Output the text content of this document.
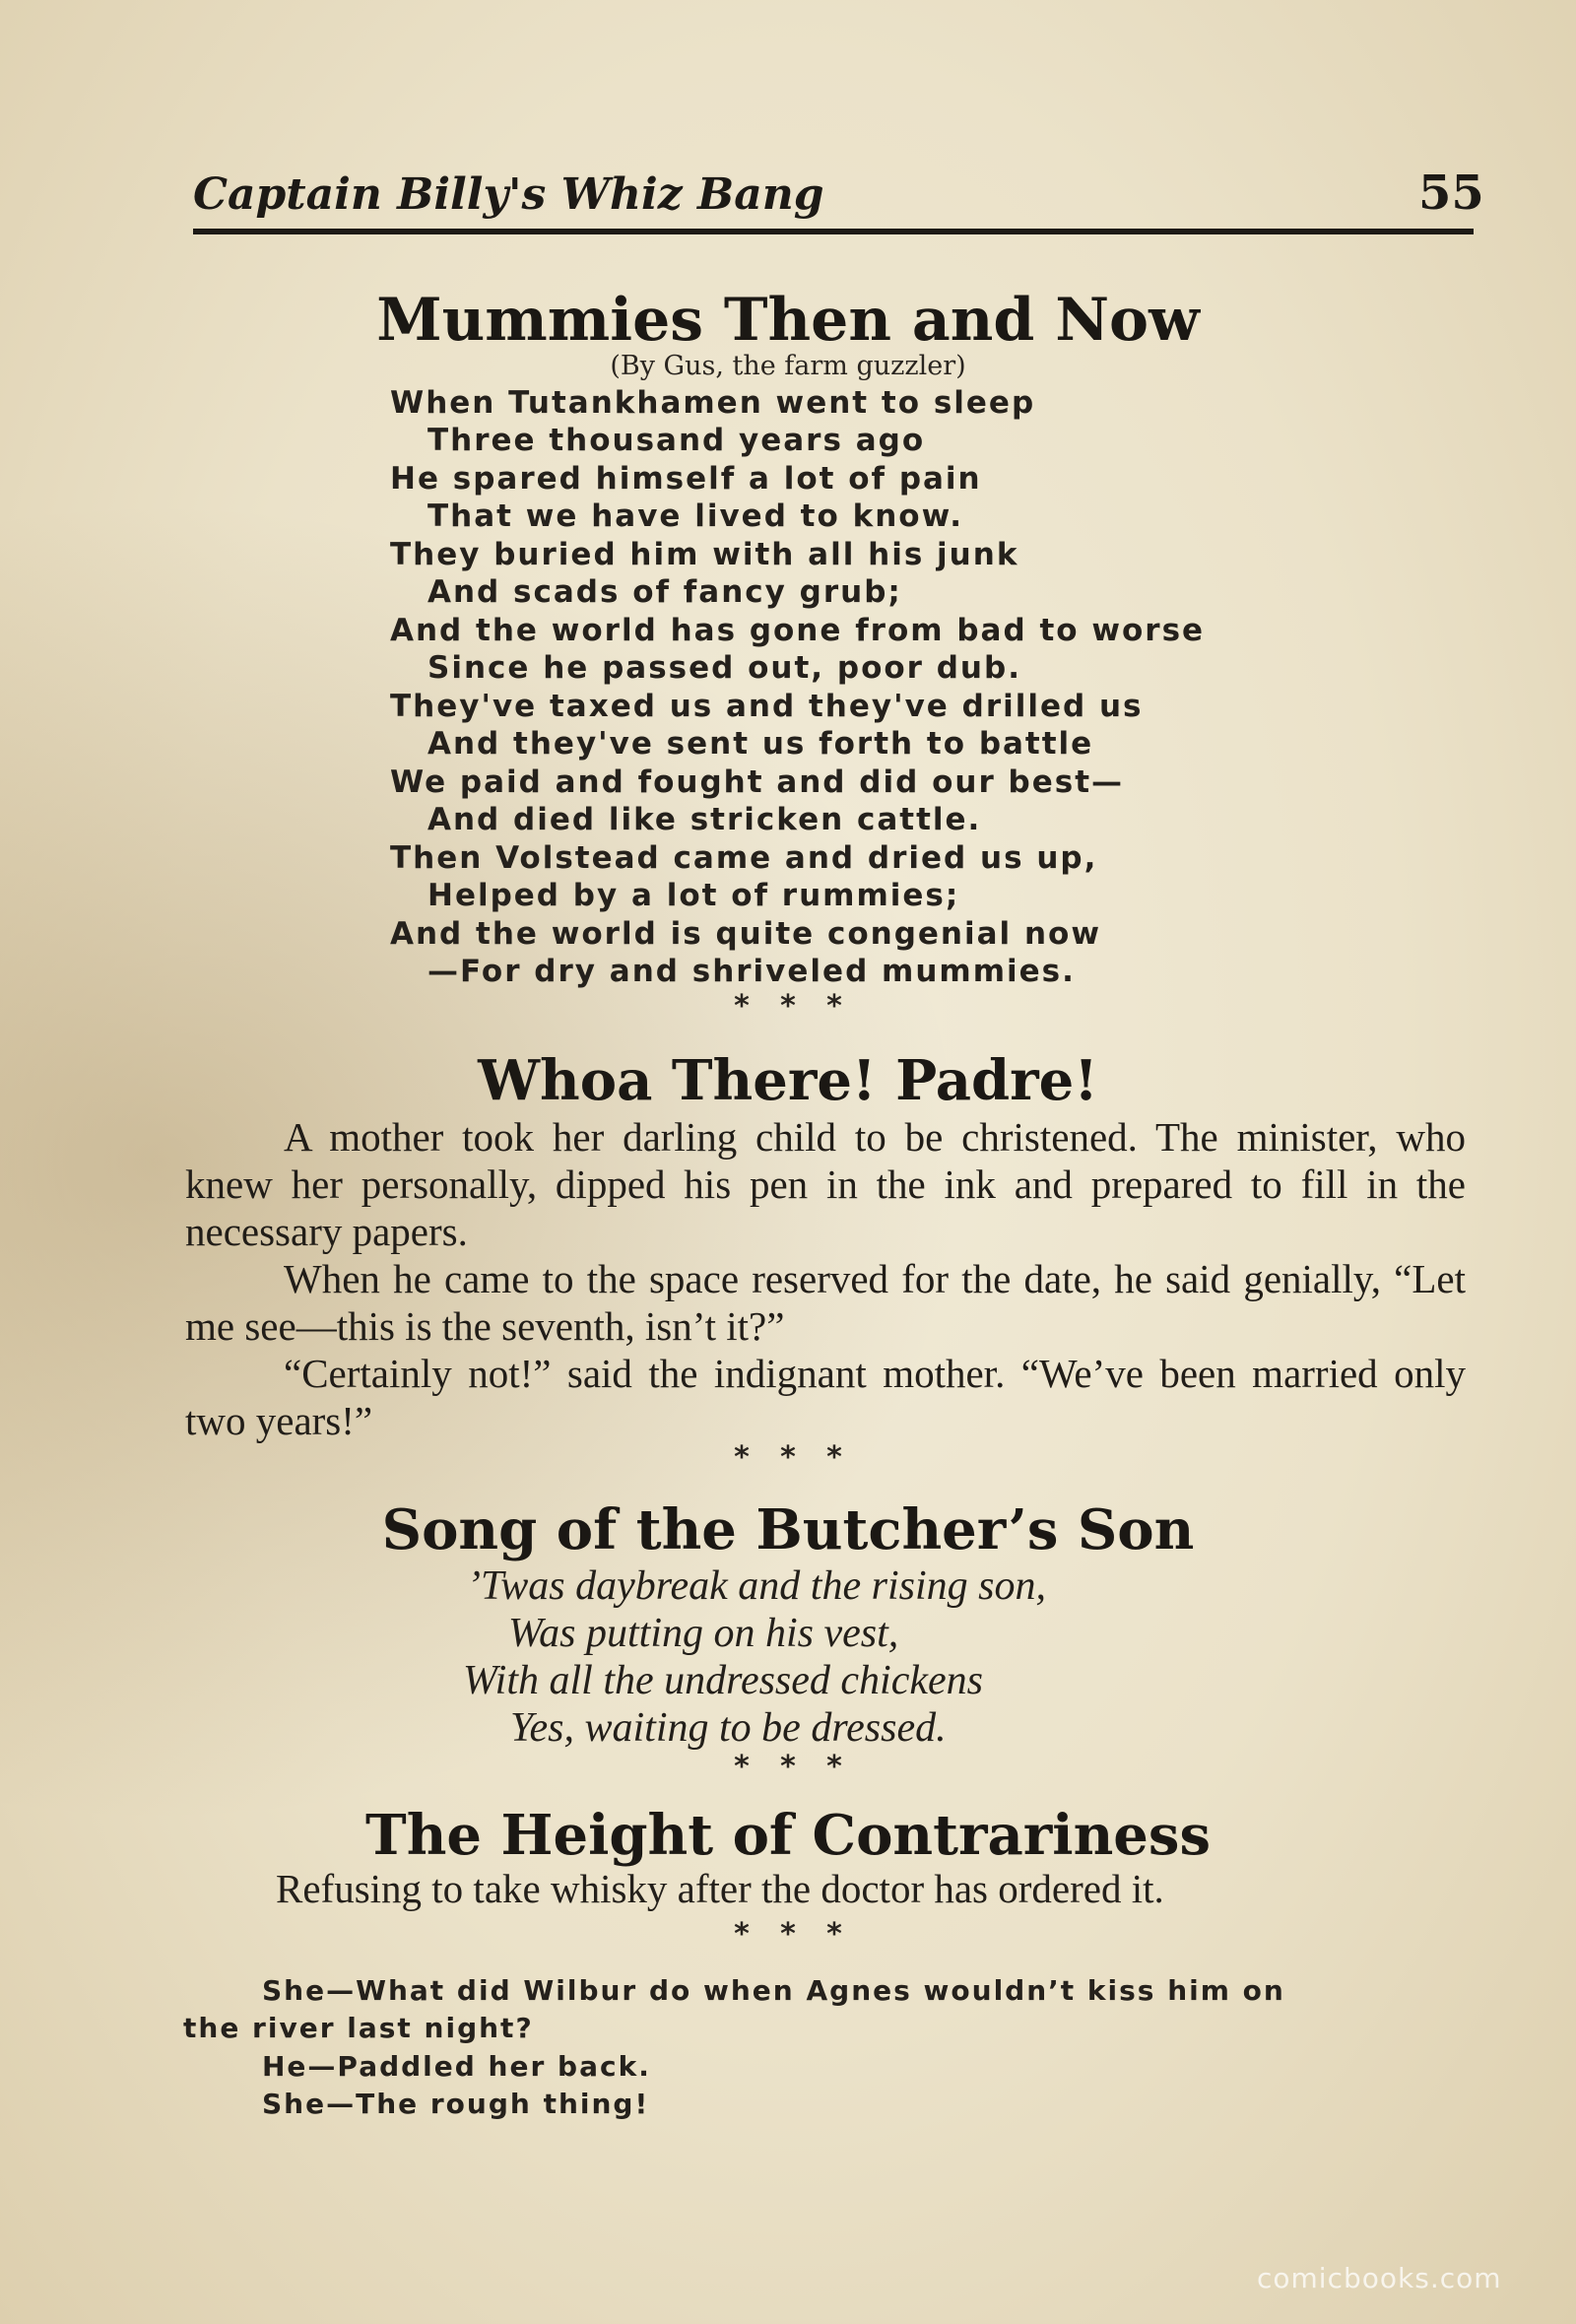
Captain Billy's Whiz Bang	55
Mummies Then and Now
(By Gus, the farm guzzler)
When Tutankhamen went to sleep
Three thousand years ago
He spared himself a lot of pain
That we have lived to know.
They buried him with all his junk
And scads of fancy grub;
And the world has gone from bad to worse
Since he passed out, poor dub.
They've taxed us and they've drilled us
And they've sent us forth to battle
We paid and fought and did our best—
And died like stricken cattle.
Then Volstead came and dried us up,
Helped by a lot of rummies;
And the world is quite congenial now
—For dry and shriveled mummies.
*   *   *
Whoa There! Padre!

A mother took her darling child to be christened. The minister, who knew her personally, dipped his pen in the ink and prepared to fill in the necessary papers.

When he came to the space reserved for the date, he said genially, “Let me see—this is the seventh, isn’t it?”

“Certainly not!” said the indignant mother. “We’ve been married only two years!”

*   *   *
Song of the Butcher’s Son
’Twas daybreak and the rising son,
Was putting on his vest,
With all the undressed chickens
Yes, waiting to be dressed.
*   *   *
The Height of Contrariness
Refusing to take whisky after the doctor has ordered it.
*   *   *
She—What did Wilbur do when Agnes wouldn’t kiss him on
the river last night?
He—Paddled her back.
She—The rough thing!
comicbooks.com
